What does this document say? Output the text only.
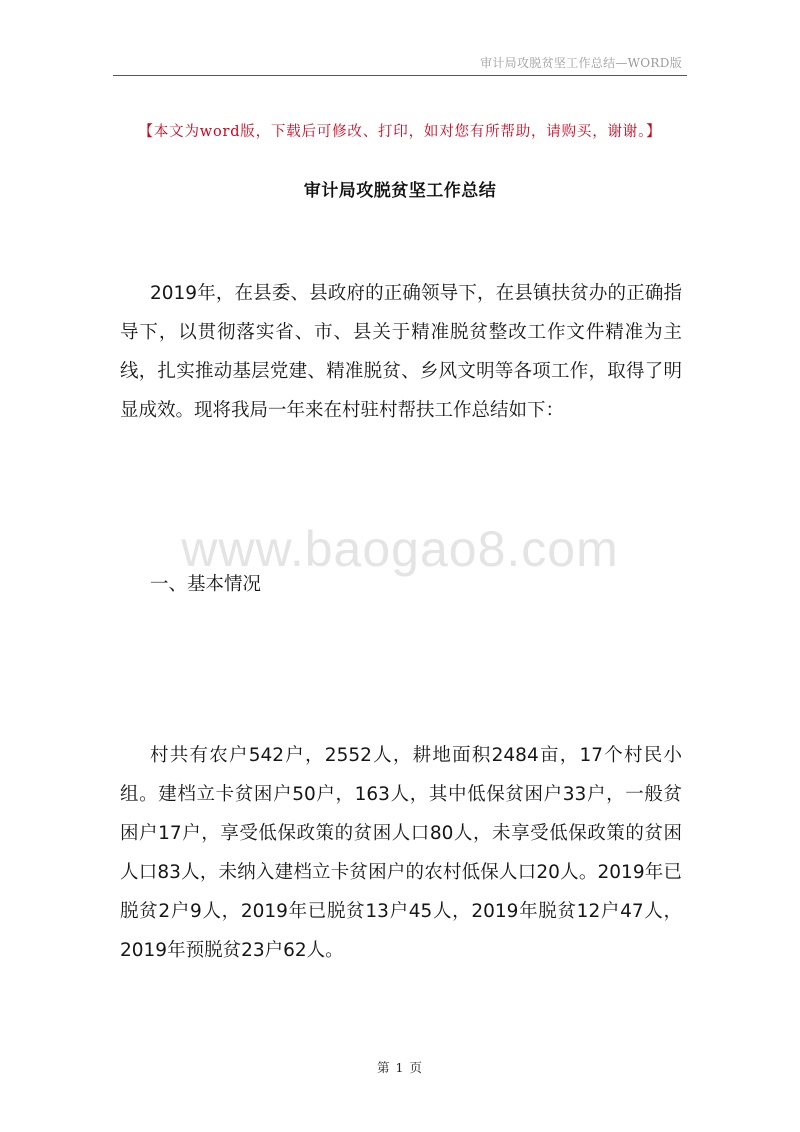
审计局攻脱贫坚工作总结—WORD版
【本文为word版，下载后可修改、打印，如对您有所帮助，请购买，谢谢。】
审计局攻脱贫坚工作总结

2019年，在县委、县政府的正确领导下，在县镇扶贫办的正确指导下，以贯彻落实省、市、县关于精准脱贫整改工作文件精准为主线，扎实推动基层党建、精准脱贫、乡风文明等各项工作，取得了明显成效。现将我局一年来在村驻村帮扶工作总结如下：

www.baogao8.com
一、基本情况

村共有农户542户，2552人，耕地面积2484亩，17个村民小组。建档立卡贫困户50户，163人，其中低保贫困户33户，一般贫困户17户，享受低保政策的贫困人口80人，未享受低保政策的贫困人口83人，未纳入建档立卡贫困户的农村低保人口20人。2019年已脱贫2户9人，2019年已脱贫13户45人，2019年脱贫12户47人，2019年预脱贫23户62人。

第 1 页
